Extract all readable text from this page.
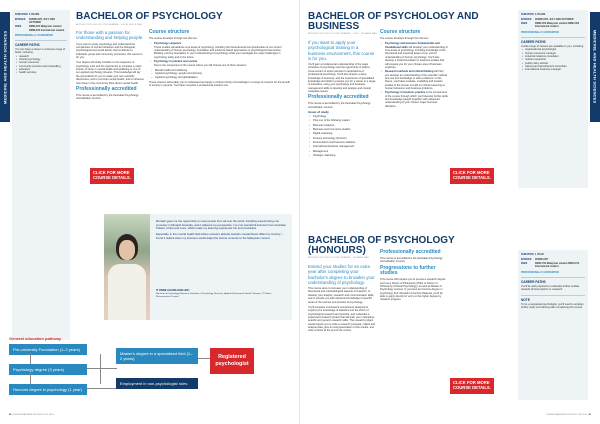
MEDICINE AND HEALTH SCIENCES
DURATION 3 YEARS
INTAKES	FEBRUARY, JULY AND OCTOBER
FEES	RM84,000 Malaysian student RM98,000 International student
PROFESSIONALLY ACCREDITED
CAREER PATHS
You can have a career in a diverse range of fields, including:
• research
• clinical psychology
• human resources
• community services and counselling
• education
• health services.
BACHELOR OF PSYCHOLOGY
APPLIED PSYCHOLOGY PROGRAMME – EXCELLENCE MAX
For those with a passion for understanding and helping people.
If you want to study psychology and understand the complexities of human behaviour and the biological, psychological and social factors that contribute to individual, group and community processes, this course is for you.
Your degree will study includes a core sequence of psychology units and the opportunity to complete a major stream of study in mental health and wellbeing or one of our applied psychology streams. This knowledge will lay the groundwork for you to make your own scientific discoveries, and to promote mental health, and to influence how those in the community think about mental health.
Professionally accredited
This course is accredited by the Australian Psychology Accreditation Council.
CLICK FOR MORE COURSE DETAILS.
Course structure
The course develops through two themes:
• Psychology sequence
These studies will address core areas of psychology, including the theoretical and empirical basis of our current understanding of human psychology, foundation and evidence-based approaches to psychological intervention. Building a strong foundation in your understanding of psychology while you investigate the major challenges in psychology today and in the future.
• Psychology in practice and society
Due to the component of the course where you will choose one of three streams:
– Mental health and wellbeing
– Applied psychology: people and diversity
– Applied psychology and globalisation.
These streams will enable you to understand and apply a coherent body of knowledge in a range of contexts for the benefit of society in general. You'll also complete a professional practice unit.

Monash gave me the opportunity to meet people from all over the world, including experiencing one semester in Monash Australia, and it widened my perspective. I've met wonderful lecturers from Australia, Poland, China and more, which made my learning experience fun and productive.

Especially, in the mental health field where society's attitude towards mental illness differs by country, I found it helpful when my lecturers would adapt the lecture contents to the Malaysian context.

IT ONNE CHUNG KEB HOU
Bachelor of Psychology (Honours), Bachelor of Psychology (Science), Applied Professional Health Therapist, IT Potters Worcestershire Council
General education pathway
Pre-university Foundation (1–2 years)
Psychology degree (3 years)
Honours degree in psychology (1 year)
Master's degree in a specialised field (1–2 years)
Employment in non-psychologist roles
Registered psychologist
40  UNDERGRADUATE PROSPECTUS 2024
BACHELOR OF PSYCHOLOGY AND BUSINESS
APPLIED PSYCHOLOGY PROGRAMME – 2024 – MONASH MAX
If you want to apply your psychological training in a business environment, this course is for you.
You'll gain a fundamental understanding of the major principles of psychology and the opportunity to build a cross-section of topics relevant to applications of professional psychology. You'll also acquire a deep knowledge of business, and the experience of specialised knowledge and skills to prepare you for a career in a range of industries, using your psychology and business management skills to develop and analyse and consult workplace issues.
Professionally accredited
This course is accredited by the Australian Psychology Accreditation Council.
Areas of study
• Psychology
• Plus one of the following majors:
• Business analytics
• Business and commerce studies
• Digital marketing
• Finance technology (Fintech)
• Econometrics and business statistics
• International business management
• Management
• Strategic marketing.
Course structure
The course develops through four themes:
• Psychology and business fundamentals and foundational skills will develop your understanding of core areas of psychology, including knowledge of the theoretical and empirical bases of our current understanding of human psychology. You'll also develop a broad foundation in business studies that will prepare you for your chosen area of business expertise.
• Research methods and critical thinking will help you develop an understanding of the scientific method and use this knowledge to solve problems. In this theme, you'll also evaluate, modelling and transfer studies of the human to build on critical reasoning to human behaviour and business problems.
• Psychology in business practice is the components of the course through which you'll develop further skills and knowledge (taught together) with advanced understanding of your chosen major business discipline.
CLICK FOR MORE COURSE DETAILS.
DURATION 3 YEARS
INTAKES	FEBRUARY, JULY AND OCTOBER
FEES	RM84,000 Malaysian student RM94,300 International student
PROFESSIONALLY ACCREDITED
CAREER PATHS
A wide range of careers are available to you, including:
• organisational psychologist
• human resources manager
• industrial relations consultant
• market researcher
• public policy adviser
• training and development consultant
• international business manager.	MEDICINE AND HEALTH SCIENCES
BACHELOR OF PSYCHOLOGY (HONOURS)
APPLIED PSYCHOLOGY PROGRAMME – MONASH MAX
Extend your studies for an extra year after completing your bachelor's degree to broaden your understanding of psychology.
This course aims to increase your understanding of theoretical and methodological aspects of research, to develop your analytic, research and communication skills, and to provide you with advanced knowledge of specific areas of the science and practice of psychology.
You'll complete coursework components designed to expand your knowledge of statistics and the ethics of psychological research and practice, and undertake a supervised research project that will train you in discipline-specific and generic research skills. The research project would require you to write a research proposal, collect and analyse data, give an oral presentation of the results, and write a thesis at the end of the course.
Professionally accredited
This course is accredited by the Australian Psychology Accreditation Council.
Progressions to further studies
This course will prepare you to pursue a research degree such as a Doctor of Philosophy (PhD) or Doctor of Philosophy (Clinical Psychology), as well as Master of Psychology courses. If you have an honours degree in psychology from Monash University Malaysia, you'll be able to apply directly for entry to the higher degree by research program.
CLICK FOR MORE COURSE DETAILS.
DURATION 1 YEAR
INTAKES	FEBRUARY
FEES	RM43,760 Malaysian student RM43,150 International student
PROFESSIONALLY ACCREDITED
CAREER PATHS
You'll be well prepared to undertake further studies towards clinical practice or research.
NOTE
To be a registered psychologist, you'll need to undergo further study and training after completing this course.
UNDERGRADUATE PROSPECTUS 2024  41
